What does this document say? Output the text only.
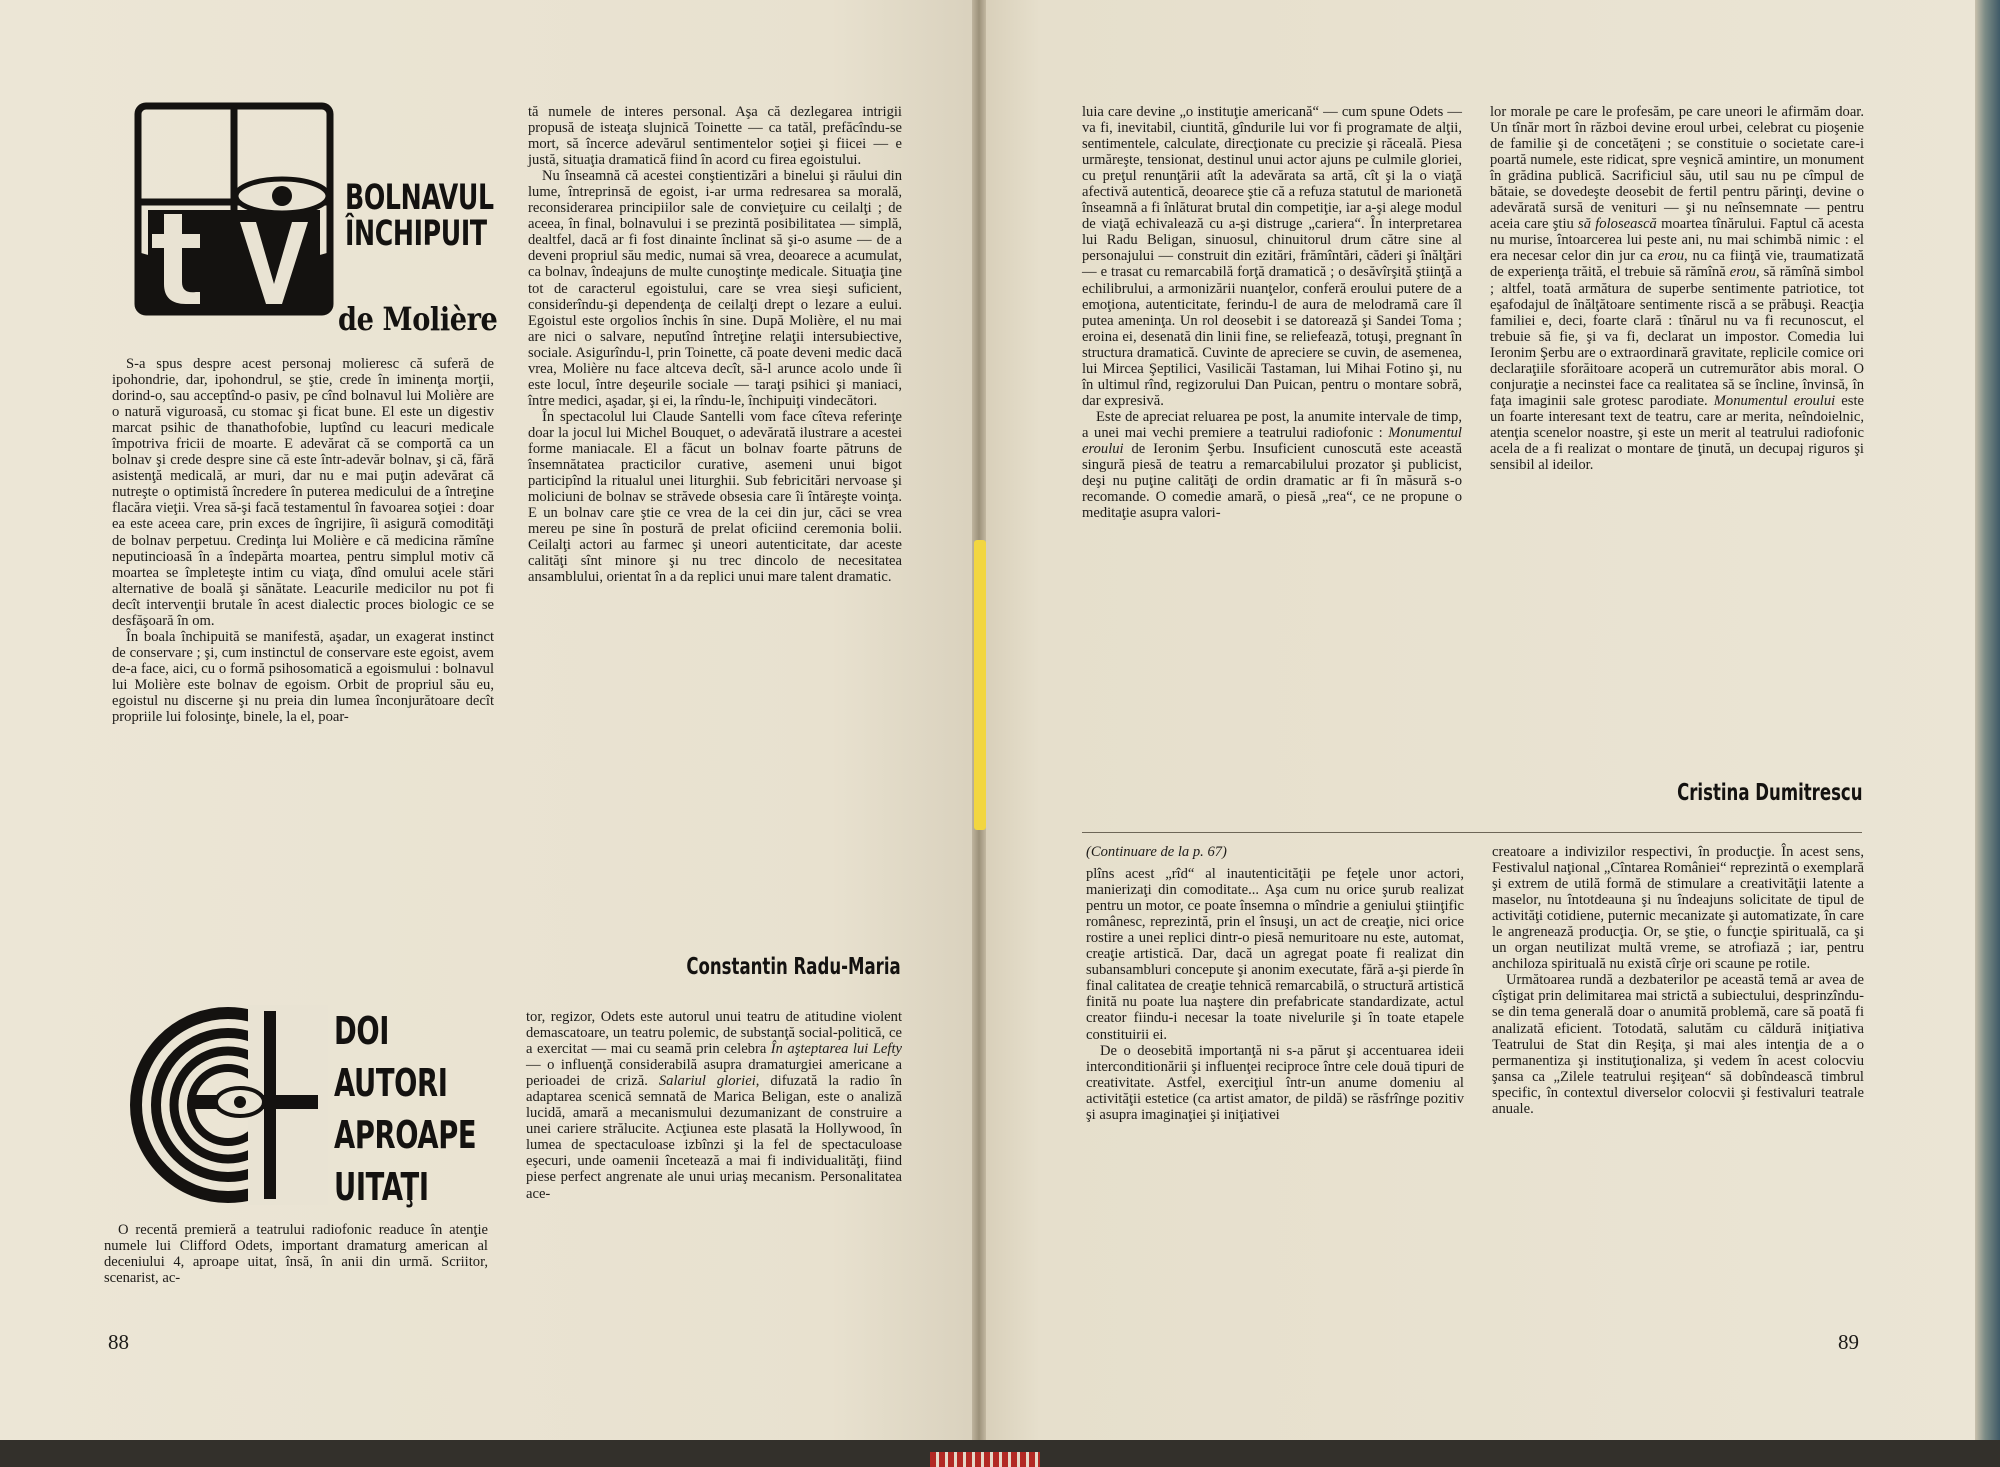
tv
BOLNAVUL
ÎNCHIPUIT
de Molière

S-a spus despre acest personaj molieresc că suferă de ipohondrie, dar, ipohondrul, se ştie, crede în iminenţa morţii, dorind-o, sau acceptînd-o pasiv, pe cînd bolnavul lui Molière are o natură viguroasă, cu stomac şi ficat bune. El este un digestiv marcat psihic de thanathofobie, luptînd cu leacuri medicale împotriva fricii de moarte. E adevărat că se comportă ca un bolnav şi crede despre sine că este într-adevăr bolnav, şi că, fără asistenţă medicală, ar muri, dar nu e mai puţin adevărat că nutreşte o optimistă încredere în puterea medicului de a întreţine flacăra vieţii. Vrea să-şi facă testamentul în favoarea soţiei : doar ea este aceea care, prin exces de îngrijire, îi asigură comodităţi de bolnav perpetuu. Credinţa lui Molière e că medicina rămîne neputincioasă în a îndepărta moartea, pentru simplul motiv că moartea se împleteşte intim cu viaţa, dînd omului acele stări alternative de boală şi sănătate. Leacurile medicilor nu pot fi decît intervenţii brutale în acest dialectic proces biologic ce se desfăşoară în om.

În boala închipuită se manifestă, aşadar, un exagerat instinct de conservare ; şi, cum instinctul de conservare este egoist, avem de-a face, aici, cu o formă psihosomatică a egoismului : bolnavul lui Molière este bolnav de egoism. Orbit de propriul său eu, egoistul nu discerne şi nu preia din lumea înconjurătoare decît propriile lui folosinţe, binele, la el, poar-

tă numele de interes personal. Aşa că dezlegarea intrigii propusă de isteaţa slujnică Toinette — ca tatăl, prefăcîndu-se mort, să încerce adevărul sentimentelor soţiei şi fiicei — e justă, situaţia dramatică fiind în acord cu firea egoistului.

Nu înseamnă că acestei conştientizări a binelui şi răului din lume, întreprinsă de egoist, i-ar urma redresarea sa morală, reconsiderarea principiilor sale de convieţuire cu ceilalţi ; de aceea, în final, bolnavului i se prezintă posibilitatea — simplă, dealtfel, dacă ar fi fost dinainte înclinat să şi-o asume — de a deveni propriul său medic, numai să vrea, deoarece a acumulat, ca bolnav, îndeajuns de multe cunoştinţe medicale. Situaţia ţine tot de caracterul egoistului, care se vrea sieşi suficient, considerîndu-şi dependenţa de ceilalţi drept o lezare a eului. Egoistul este orgolios închis în sine. După Molière, el nu mai are nici o salvare, neputînd întreţine relaţii intersubiective, sociale. Asigurîndu-l, prin Toinette, că poate deveni medic dacă vrea, Molière nu face altceva decît, să-l arunce acolo unde îi este locul, între deşeurile sociale — taraţi psihici şi maniaci, între medici, aşadar, şi ei, la rîndu-le, închipuiţi vindecători.

În spectacolul lui Claude Santelli vom face cîteva referinţe doar la jocul lui Michel Bouquet, o adevărată ilustrare a acestei forme maniacale. El a făcut un bolnav foarte pătruns de însemnătatea practicilor curative, asemeni unui bigot participînd la ritualul unei liturghii. Sub febricitări nervoase şi moliciuni de bolnav se străvede obsesia care îi întăreşte voinţa. E un bolnav care ştie ce vrea de la cei din jur, căci se vrea mereu pe sine în postură de prelat oficiind ceremonia bolii. Ceilalţi actori au farmec şi uneori autenticitate, dar aceste calităţi sînt minore şi nu trec dincolo de necesitatea ansamblului, orientat în a da replici unui mare talent dramatic.

Constantin Radu-Maria
DOI
AUTORI
APROAPE
UITAŢI

O recentă premieră a teatrului radiofonic readuce în atenţie numele lui Clifford Odets, important dramaturg american al deceniului 4, aproape uitat, însă, în anii din urmă. Scriitor, scenarist, ac-

tor, regizor, Odets este autorul unui teatru de atitudine violent demascatoare, un teatru polemic, de substanţă social-politică, ce a exercitat — mai cu seamă prin celebra În aşteptarea lui Lefty — o influenţă considerabilă asupra dramaturgiei americane a perioadei de criză. Salariul gloriei, difuzată la radio în adaptarea scenică semnată de Marica Beligan, este o analiză lucidă, amară a mecanismului dezumanizant de construire a unei cariere strălucite. Acţiunea este plasată la Hollywood, în lumea de spectaculoase izbînzi şi la fel de spectaculoase eşecuri, unde oamenii încetează a mai fi individualităţi, fiind piese perfect angrenate ale unui uriaş mecanism. Personalitatea ace-

88

luia care devine „o instituţie americană“ — cum spune Odets — va fi, inevitabil, ciuntită, gîndurile lui vor fi programate de alţii, sentimentele, calculate, direcţionate cu precizie şi răceală. Piesa urmăreşte, tensionat, destinul unui actor ajuns pe culmile gloriei, cu preţul renunţării atît la adevărata sa artă, cît şi la o viaţă afectivă autentică, deoarece ştie că a refuza statutul de marionetă înseamnă a fi înlăturat brutal din competiţie, iar a-şi alege modul de viaţă echivalează cu a-şi distruge „cariera“. În interpretarea lui Radu Beligan, sinuosul, chinuitorul drum către sine al personajului — construit din ezitări, frămîntări, căderi şi înălţări — e trasat cu remarcabilă forţă dramatică ; o desăvîrşită ştiinţă a echilibrului, a armonizării nuanţelor, conferă eroului putere de a emoţiona, autenticitate, ferindu-l de aura de melodramă care îl putea ameninţa. Un rol deosebit i se datorează şi Sandei Toma ; eroina ei, desenată din linii fine, se reliefează, totuşi, pregnant în structura dramatică. Cuvinte de apreciere se cuvin, de asemenea, lui Mircea Şeptilici, Vasilicăi Tastaman, lui Mihai Fotino şi, nu în ultimul rînd, regizorului Dan Puican, pentru o montare sobră, dar expresivă.

Este de apreciat reluarea pe post, la anumite intervale de timp, a unei mai vechi premiere a teatrului radiofonic : Monumentul eroului de Ieronim Şerbu. Insuficient cunoscută este această singură piesă de teatru a remarcabilului prozator şi publicist, deşi nu puţine calităţi de ordin dramatic ar fi în măsură s-o recomande. O comedie amară, o piesă „rea“, ce ne propune o meditaţie asupra valori-

lor morale pe care le profesăm, pe care uneori le afirmăm doar. Un tînăr mort în război devine eroul urbei, celebrat cu pioşenie de familie şi de concetăţeni ; se constituie o societate care-i poartă numele, este ridicat, spre veşnică amintire, un monument în grădina publică. Sacrificiul său, util sau nu pe cîmpul de bătaie, se dovedeşte deosebit de fertil pentru părinţi, devine o adevărată sursă de venituri — şi nu neînsemnate — pentru aceia care ştiu să folosească moartea tînărului. Faptul că acesta nu murise, întoarcerea lui peste ani, nu mai schimbă nimic : el era necesar celor din jur ca erou, nu ca fiinţă vie, traumatizată de experienţa trăită, el trebuie să rămînă erou, să rămînă simbol ; altfel, toată armătura de superbe sentimente patriotice, tot eşafodajul de înălţătoare sentimente riscă a se prăbuşi. Reacţia familiei e, deci, foarte clară : tînărul nu va fi recunoscut, el trebuie să fie, şi va fi, declarat un impostor. Comedia lui Ieronim Şerbu are o extraordinară gravitate, replicile comice ori declaraţiile sforăitoare acoperă un cutremurător abis moral. O conjuraţie a necinstei face ca realitatea să se încline, învinsă, în faţa imaginii sale grotesc parodiate. Monumentul eroului este un foarte interesant text de teatru, care ar merita, neîndoielnic, atenţia scenelor noastre, şi este un merit al teatrului radiofonic acela de a fi realizat o montare de ţinută, un decupaj riguros şi sensibil al ideilor.

Cristina Dumitrescu

(Continuare de la p. 67)

plîns acest „rîd“ al inautenticităţii pe feţele unor actori, manierizaţi din comoditate... Aşa cum nu orice şurub realizat pentru un motor, ce poate însemna o mîndrie a geniului ştiinţific românesc, reprezintă, prin el însuşi, un act de creaţie, nici orice rostire a unei replici dintr-o piesă nemuritoare nu este, automat, creaţie artistică. Dar, dacă un agregat poate fi realizat din subansambluri concepute şi anonim executate, fără a-şi pierde în final calitatea de creaţie tehnică remarcabilă, o structură artistică finită nu poate lua naştere din prefabricate standardizate, actul creator fiindu-i necesar la toate nivelurile şi în toate etapele constituirii ei.

De o deosebită importanţă ni s-a părut şi accentuarea ideii interconditionării şi influenţei reciproce între cele două tipuri de creativitate. Astfel, exerciţiul într-un anume domeniu al activităţii estetice (ca artist amator, de pildă) se răsfrînge pozitiv şi asupra imaginaţiei şi iniţiativei

creatoare a indivizilor respectivi, în producţie. În acest sens, Festivalul naţional „Cîntarea României“ reprezintă o exemplară şi extrem de utilă formă de stimulare a creativităţii latente a maselor, nu întotdeauna şi nu îndeajuns solicitate de tipul de activităţi cotidiene, puternic mecanizate şi automatizate, în care le angrenează producţia. Or, se ştie, o funcţie spirituală, ca şi un organ neutilizat multă vreme, se atrofiază ; iar, pentru anchiloza spirituală nu există cîrje ori scaune pe rotile.

Următoarea rundă a dezbaterilor pe această temă ar avea de cîştigat prin delimitarea mai strictă a subiectului, desprinzîndu-se din tema generală doar o anumită problemă, care să poată fi analizată eficient. Totodată, salutăm cu căldură iniţiativa Teatrului de Stat din Reşiţa, şi mai ales intenţia de a o permanentiza şi instituţionaliza, şi vedem în acest colocviu şansa ca „Zilele teatrului reşiţean“ să dobîndească timbrul specific, în contextul diverselor colocvii şi festivaluri teatrale anuale.

89
